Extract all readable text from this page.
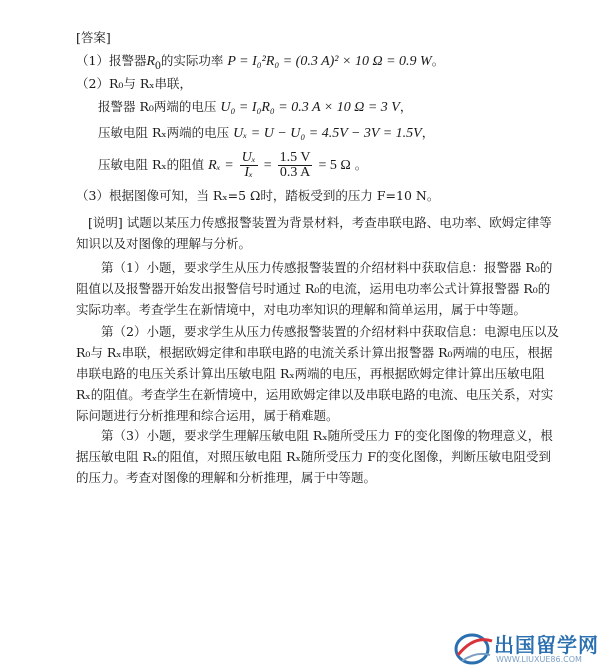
[答案]
（1）报警器$R_0$的实际功率 P = I₀²R₀ = (0.3 A)² × 10 Ω = 0.9 W。
（2）R₀与 Rₓ串联，
报警器 R₀两端的电压 U₀ = I₀R₀ = 0.3 A × 10 Ω = 3 V，
压敏电阻 Rₓ两端的电压 Uₓ = U − U₀ = 4.5V − 3V = 1.5V，
压敏电阻 Rₓ的阻值 $R_x = \frac{\text{Uₓ}}{\text{Iₓ}} = \frac{1.5 V}{0.3 A} = 5$ Ω 。
（3）根据图像可知，当 Rₓ=5 Ω时，踏板受到的压力 F=10 N。
[说明] 试题以某压力传感报警装置为背景材料，考查串联电路、电功率、欧姆定律等知识以及对图像的理解与分析。
第（1）小题，要求学生从压力传感报警装置的介绍材料中获取信息：报警器 R₀的阻值以及报警器开始发出报警信号时通过 R₀的电流，运用电功率公式计算报警器 R₀的实际功率。考查学生在新情境中，对电功率知识的理解和简单运用，属于中等题。
第（2）小题，要求学生从压力传感报警装置的介绍材料中获取信息：电源电压以及 R₀与 Rₓ串联，根据欧姆定律和串联电路的电流关系计算出报警器 R₀两端的电压，根据串联电路的电压关系计算出压敏电阻 Rₓ两端的电压，再根据欧姆定律计算出压敏电阻 Rₓ的阻值。考查学生在新情境中，运用欧姆定律以及串联电路的电流、电压关系，对实际问题进行分析推理和综合运用，属于稍难题。
第（3）小题，要求学生理解压敏电阻 Rₓ随所受压力 F的变化图像的物理意义，根据压敏电阻 Rₓ的阻值，对照压敏电阻 Rₓ随所受压力 F的变化图像，判断压敏电阻受到的压力。考查对图像的理解和分析推理，属于中等题。
出国留学网
WWW.LIUXUE86.COM
